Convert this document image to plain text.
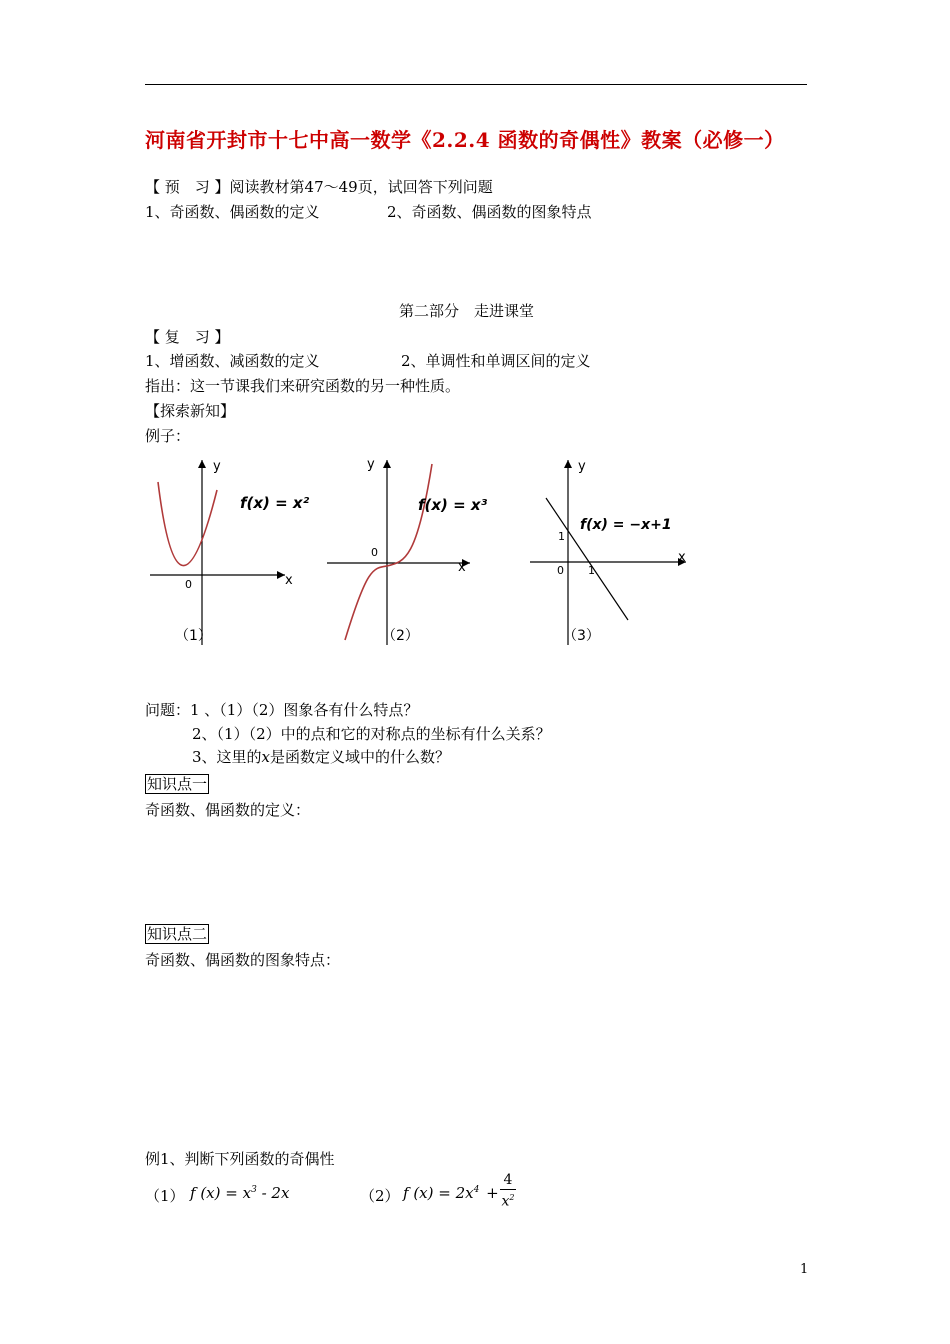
河南省开封市十七中高一数学《2.2.4 函数的奇偶性》教案（必修一）
【 预　习 】阅读教材第47～49页，试回答下列问题
1、奇函数、偶函数的定义	2、奇函数、偶函数的图象特点
第二部分　走进课堂
【 复　习 】
1、增函数、减函数的定义	2、单调性和单调区间的定义
指出：这一节课我们来研究函数的另一种性质。
【探索新知】
例子：
y
x
0
f(x) = x²
（1）
y
x
0
f(x) = x³
（2）
y
x
0 1
1
f(x) = −x+1
（3）
问题：1 、（1）（2）图象各有什么特点？
2、（1）（2）中的点和它的对称点的坐标有什么关系？
3、这里的x是函数定义域中的什么数？
知识点一
奇函数、偶函数的定义：
知识点二
奇函数、偶函数的图象特点：
例1、判断下列函数的奇偶性
（1） f $(x) = x^3 - 2x$	（2） f $(x) = 2x^4$ +
4
$x^2$
1
